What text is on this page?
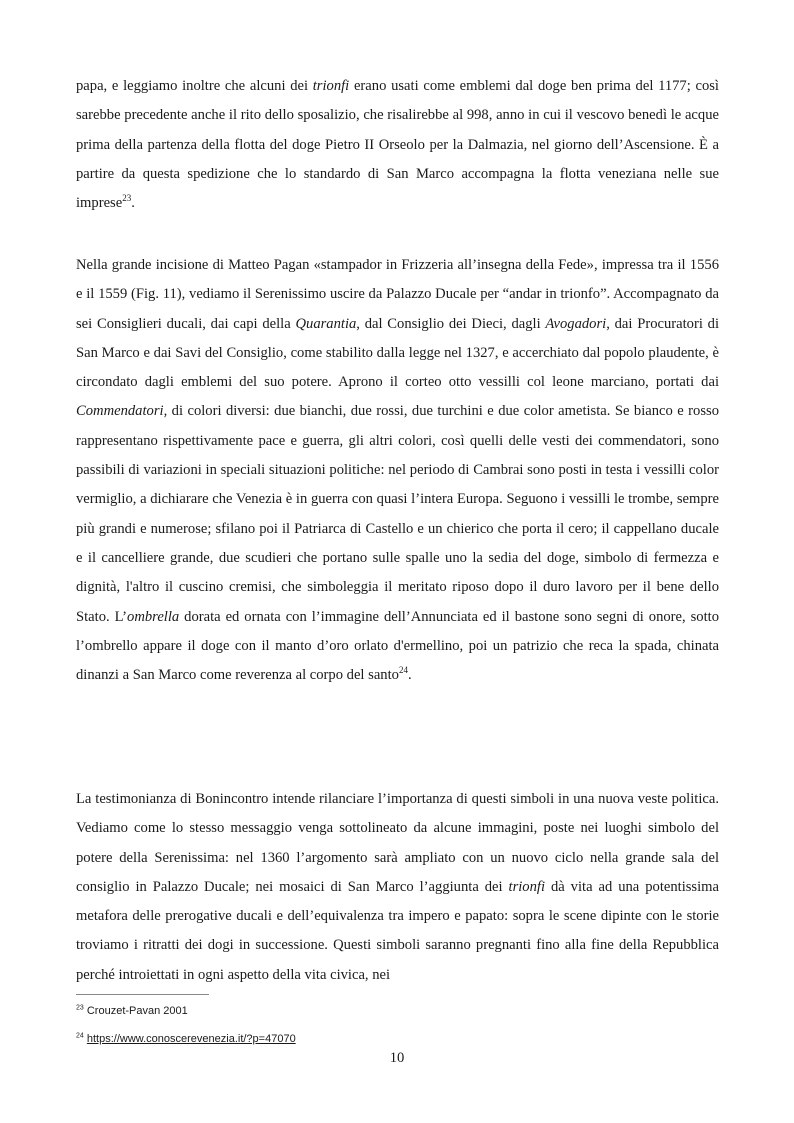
papa, e leggiamo inoltre che alcuni dei trionfi erano usati come emblemi dal doge ben prima del 1177; così sarebbe precedente anche il rito dello sposalizio, che risalirebbe al 998, anno in cui il vescovo benedì le acque prima della partenza della flotta del doge Pietro II Orseolo per la Dalmazia, nel giorno dell’Ascensione. È a partire da questa spedizione che lo standardo di San Marco accompagna la flotta veneziana nelle sue imprese$^{23}$.

Nella grande incisione di Matteo Pagan «stampador in Frizzeria all’insegna della Fede», impressa tra il 1556 e il 1559 (Fig. 11), vediamo il Serenissimo uscire da Palazzo Ducale per “andar in trionfo”. Accompagnato da sei Consiglieri ducali, dai capi della Quarantia, dal Consiglio dei Dieci, dagli Avogadori, dai Procuratori di San Marco e dai Savi del Consiglio, come stabilito dalla legge nel 1327, e accerchiato dal popolo plaudente, è circondato dagli emblemi del suo potere. Aprono il corteo otto vessilli col leone marciano, portati dai Commendatori, di colori diversi: due bianchi, due rossi, due turchini e due color ametista. Se bianco e rosso rappresentano rispettivamente pace e guerra, gli altri colori, così quelli delle vesti dei commendatori, sono passibili di variazioni in speciali situazioni politiche: nel periodo di Cambrai sono posti in testa i vessilli color vermiglio, a dichiarare che Venezia è in guerra con quasi l’intera Europa. Seguono i vessilli le trombe, sempre più grandi e numerose; sfilano poi il Patriarca di Castello e un chierico che porta il cero; il cappellano ducale e il cancelliere grande, due scudieri che portano sulle spalle uno la sedia del doge, simbolo di fermezza e dignità, l'altro il cuscino cremisi, che simboleggia il meritato riposo dopo il duro lavoro per il bene dello Stato. L’ombrella dorata ed ornata con l’immagine dell’Annunciata ed il bastone sono segni di onore, sotto l’ombrello appare il doge con il manto d’oro orlato d'ermellino, poi un patrizio che reca la spada, chinata dinanzi a San Marco come reverenza al corpo del santo$^{24}$.

La testimonianza di Bonincontro intende rilanciare l’importanza di questi simboli in una nuova veste politica. Vediamo come lo stesso messaggio venga sottolineato da alcune immagini, poste nei luoghi simbolo del potere della Serenissima: nel 1360 l’argomento sarà ampliato con un nuovo ciclo nella grande sala del consiglio in Palazzo Ducale; nei mosaici di San Marco l’aggiunta dei trionfi dà vita ad una potentissima metafora delle prerogative ducali e dell’equivalenza tra impero e papato: sopra le scene dipinte con le storie troviamo i ritratti dei dogi in successione. Questi simboli saranno pregnanti fino alla fine della Repubblica perché introiettati in ogni aspetto della vita civica, nei

$^{23}$ Crouzet-Pavan 2001
$^{24}$ https://www.conoscerevenezia.it/?p=47070
10
